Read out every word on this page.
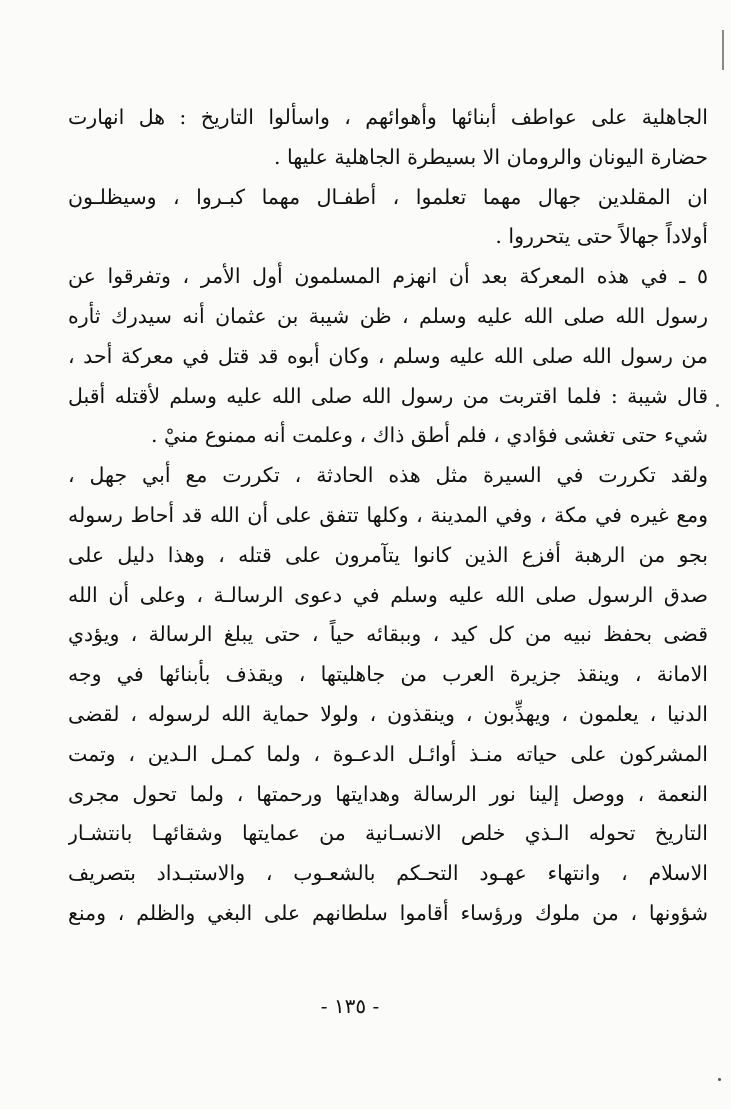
الجاهلية على عواطف أبنائها وأهوائهم ، واسألوا التاريخ : هل انهارت
حضارة اليونان والرومان الا بسيطرة الجاهلية عليها .
ان المقلدين جهال مهما تعلموا ، أطفـال مهما كبـروا ، وسيظلـون
أولاداً جهالاً حتى يتحرروا .
٥ ـ في هذه المعركة بعد أن انهزم المسلمون أول الأمر ، وتفرقوا عن
رسول الله صلى الله عليه وسلم ، ظن شيبة بن عثمان أنه سيدرك ثأره
من رسول الله صلى الله عليه وسلم ، وكان أبوه قد قتل في معركة أحد ،
قال شيبة : فلما اقتربت من رسول الله صلى الله عليه وسلم لأقتله أقبل
شيء حتى تغشى فؤادي ، فلم أطق ذاك ، وعلمت أنه ممنوع منيْ .
ولقد تكررت في السيرة مثل هذه الحادثة ، تكررت مع أبي جهل ،
ومع غيره في مكة ، وفي المدينة ، وكلها تتفق على أن الله قد أحاط رسوله
بجو من الرهبة أفزع الذين كانوا يتآمرون على قتله ، وهذا دليل على
صدق الرسول صلى الله عليه وسلم في دعوى الرسالـة ، وعلى أن الله
قضى بحفظ نبيه من كل كيد ، وببقائه حياً ، حتى يبلغ الرسالة ، ويؤدي
الامانة ، وينقذ جزيرة العرب من جاهليتها ، ويقذف بأبنائها في وجه
الدنيا ، يعلمون ، ويهذِّبون ، وينقذون ، ولولا حماية الله لرسوله ، لقضى
المشركون على حياته منـذ أوائـل الدعـوة ، ولما كمـل الـدين ، وتمت
النعمة ، ووصل إلينا نور الرسالة وهدايتها ورحمتها ، ولما تحول مجرى
التاريخ تحوله الـذي خلص الانسـانية من عمايتها وشقائهـا بانتشـار
الاسلام ، وانتهاء عهـود التحـكم بالشعـوب ، والاستبـداد بتصريف
شؤونها ، من ملوك ورؤساء أقاموا سلطانهم على البغي والظلم ، ومنع
- ١٣٥ -
